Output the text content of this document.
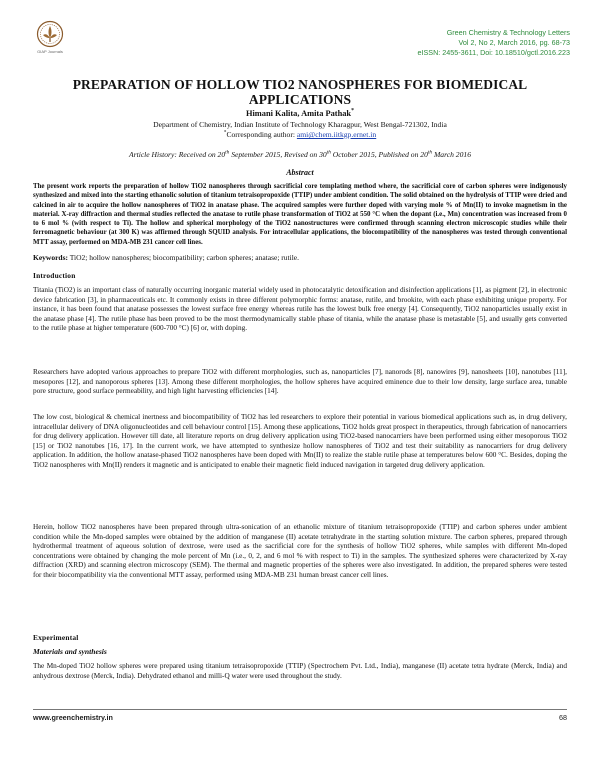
GIAP Journals
Green Chemistry & Technology Letters
Vol 2, No 2, March 2016, pg. 68-73
eISSN: 2455-3611, Doi: 10.18510/gctl.2016.223
PREPARATION OF HOLLOW TIO2 NANOSPHERES FOR BIOMEDICAL
APPLICATIONS
Himani Kalita, Amita Pathak*
Department of Chemistry, Indian Institute of Technology Kharagpur, West Bengal-721302, India
*Corresponding author: ami@chem.iitkgp.ernet.in
Article History: Received on 20th September 2015, Revised on 30th October 2015, Published on 20th March 2016
Abstract
The present work reports the preparation of hollow TiO2 nanospheres through sacrificial core templating method where, the sacrificial core of carbon spheres were indigenously synthesized and mixed into the starting ethanolic solution of titanium tetraisopropoxide (TTIP) under ambient condition. The solid obtained on the hydrolysis of TTIP were dried and calcined in air to acquire the hollow nanospheres of TiO2 in anatase phase. The acquired samples were further doped with varying mole % of Mn(II) to invoke magnetism in the material. X-ray diffraction and thermal studies reflected the anatase to rutile phase transformation of TiO2 at 550 °C when the dopant (i.e., Mn) concentration was increased from 0 to 6 mol % (with respect to Ti). The hollow and spherical morphology of the TiO2 nanostructures were confirmed through scanning electron microscopic studies while their ferromagnetic behaviour (at 300 K) was affirmed through SQUID analysis. For intracellular applications, the biocompatibility of the nanospheres was tested through conventional MTT assay, performed on MDA-MB 231 cancer cell lines.
Keywords: TiO2; hollow nanospheres; biocompatibility; carbon spheres; anatase; rutile.
Introduction
Titania (TiO2) is an important class of naturally occurring inorganic material widely used in photocatalytic detoxification and disinfection applications [1], as pigment [2], in electronic device fabrication [3], in pharmaceuticals etc. It commonly exists in three different polymorphic forms: anatase, rutile, and brookite, with each phase exhibiting unique property. For instance, it has been found that anatase possesses the lowest surface free energy whereas rutile has the lowest bulk free energy [4]. Consequently, TiO2 nanoparticles usually exist in the anatase phase [4]. The rutile phase has been proved to be the most thermodynamically stable phase of titania, while the anatase phase is metastable [5], and usually gets converted to the rutile phase at higher temperature (600-700 °C) [6] or, with doping.
Researchers have adopted various approaches to prepare TiO2 with different morphologies, such as, nanoparticles [7], nanorods [8], nanowires [9], nanosheets [10], nanotubes [11], mesopores [12], and nanoporous spheres [13]. Among these different morphologies, the hollow spheres have acquired eminence due to their low density, large surface area, tunable pore structure, good surface permeability, and high light harvesting efficiencies [14].
The low cost, biological & chemical inertness and biocompatibility of TiO2 has led researchers to explore their potential in various biomedical applications such as, in drug delivery, intracellular delivery of DNA oligonucleotides and cell behaviour control [15]. Among these applications, TiO2 holds great prospect in therapeutics, through fabrication of nanocarriers for drug delivery application. However till date, all literature reports on drug delivery application using TiO2-based nanocarriers have been performed using either mesoporous TiO2 [15] or TiO2 nanotubes [16, 17]. In the current work, we have attempted to synthesize hollow nanospheres of TiO2 and test their suitability as nanocarriers for drug delivery application. In addition, the hollow anatase-phased TiO2 nanospheres have been doped with Mn(II) to realize the stable rutile phase at temperatures below 600 °C. Besides, doping the TiO2 nanospheres with Mn(II) renders it magnetic and is anticipated to enable their magnetic field induced navigation in targeted drug delivery application.
Herein, hollow TiO2 nanospheres have been prepared through ultra-sonication of an ethanolic mixture of titanium tetraisopropoxide (TTIP) and carbon spheres under ambient condition while the Mn-doped samples were obtained by the addition of manganese (II) acetate tetrahydrate in the starting solution mixture. The carbon spheres, prepared through hydrothermal treatment of aqueous solution of dextrose, were used as the sacrificial core for the synthesis of hollow TiO2 spheres, while samples with different Mn-doped concentrations were obtained by changing the mole percent of Mn (i.e., 0, 2, and 6 mol % with respect to Ti) in the samples. The synthesized spheres were characterized by X-ray diffraction (XRD) and scanning electron microscopy (SEM). The thermal and magnetic properties of the spheres were also investigated. In addition, the prepared spheres were tested for their biocompatibility via the conventional MTT assay, performed using MDA-MB 231 human breast cancer cell lines.
Experimental
Materials and synthesis
The Mn-doped TiO2 hollow spheres were prepared using titanium tetraisopropoxide (TTIP) (Spectrochem Pvt. Ltd., India), manganese (II) acetate tetra hydrate (Merck, India) and anhydrous dextrose (Merck, India). Dehydrated ethanol and milli-Q water were used throughout the study.
www.greenchemistry.in	68
